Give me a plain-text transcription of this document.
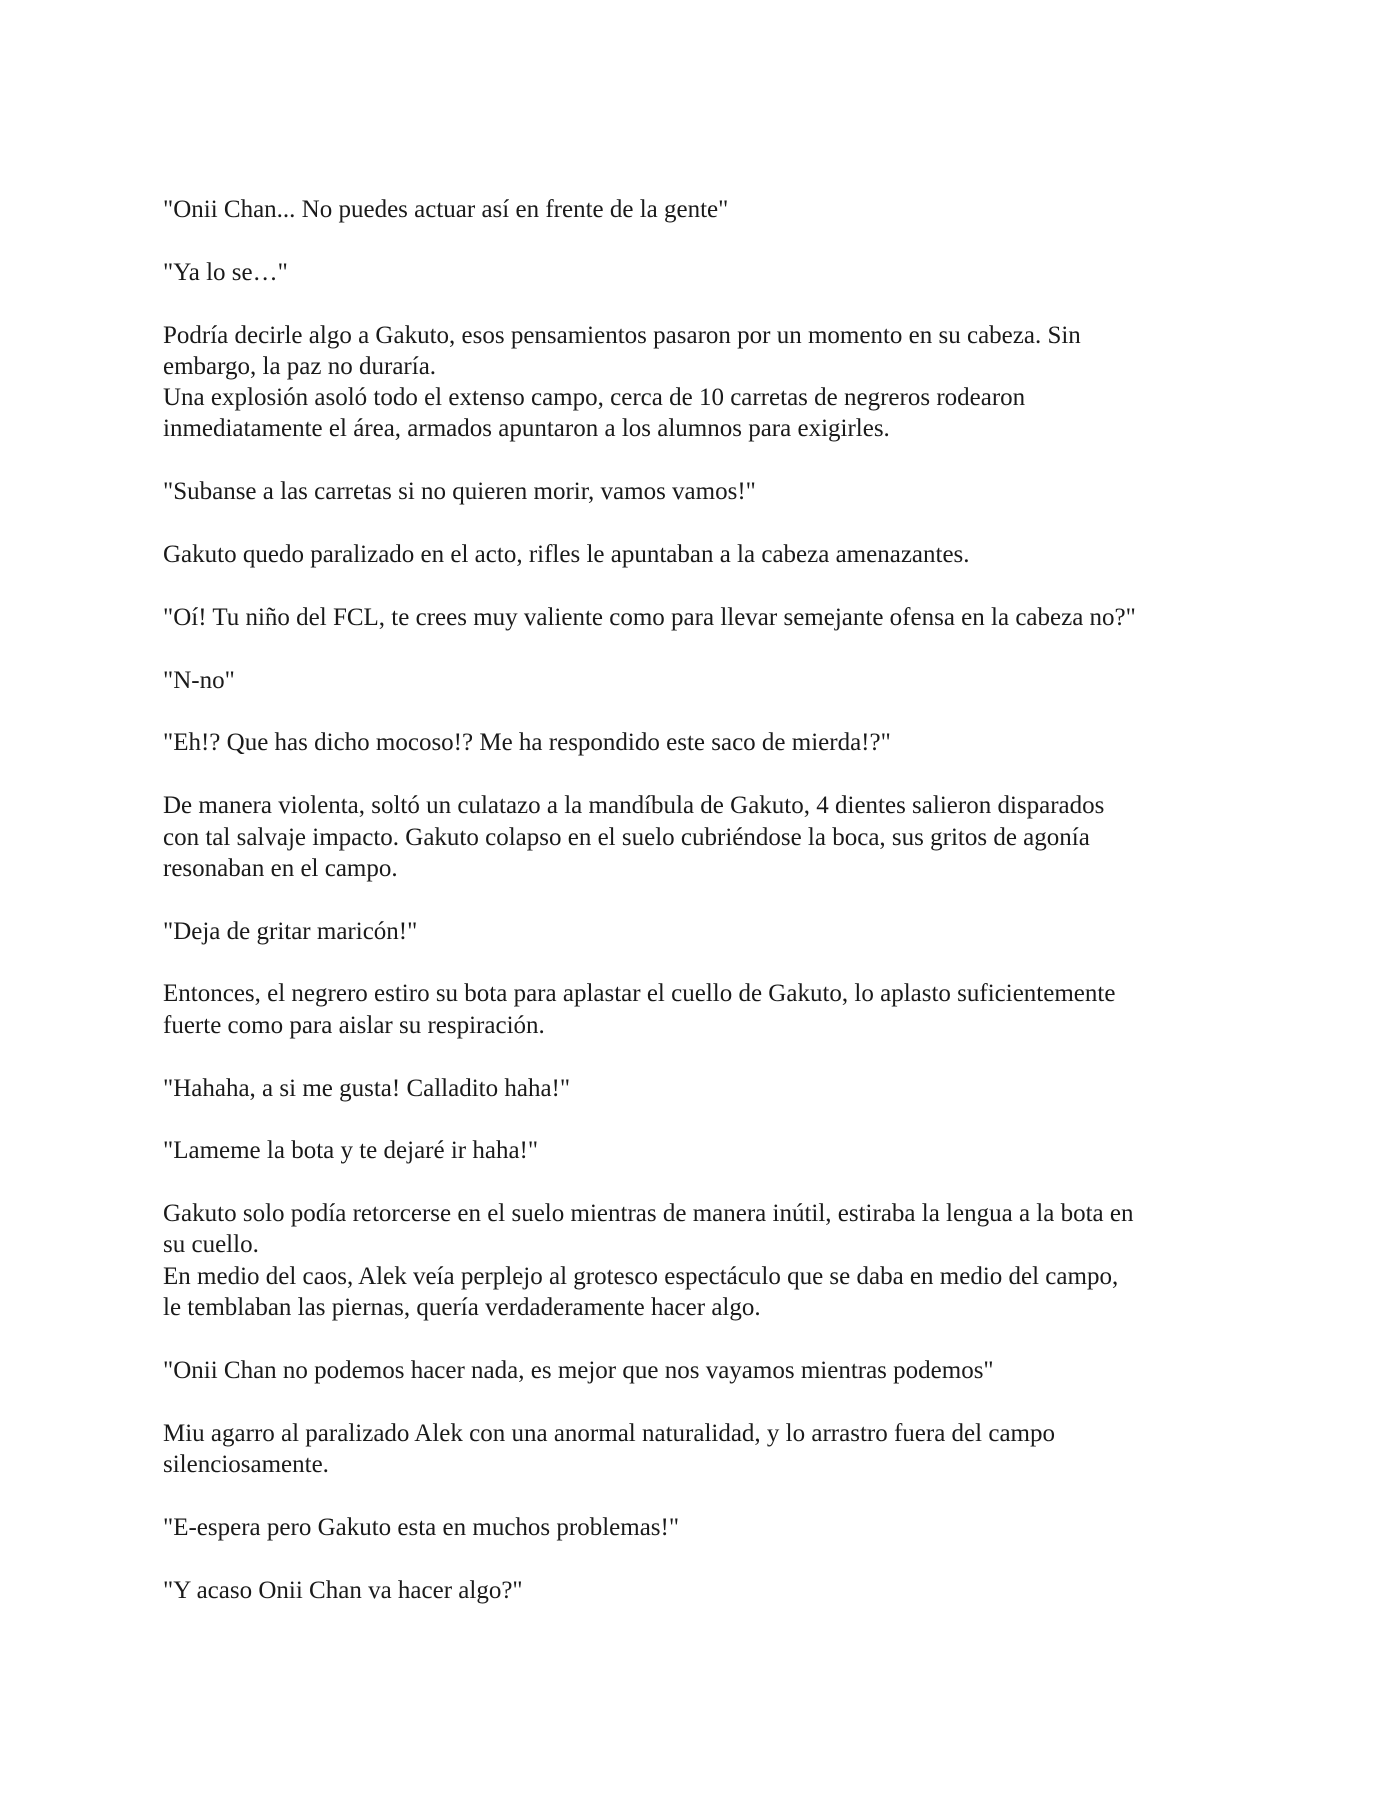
"Onii Chan... No puedes actuar así en frente de la gente"

"Ya lo se…"

Podría decirle algo a Gakuto, esos pensamientos pasaron por un momento en su cabeza. Sin
embargo, la paz no duraría.
Una explosión asoló todo el extenso campo, cerca de 10 carretas de negreros rodearon
inmediatamente el área, armados apuntaron a los alumnos para exigirles.

"Subanse a las carretas si no quieren morir, vamos vamos!"

Gakuto quedo paralizado en el acto, rifles le apuntaban a la cabeza amenazantes.

"Oí! Tu niño del FCL, te crees muy valiente como para llevar semejante ofensa en la cabeza no?"

"N-no"

"Eh!? Que has dicho mocoso!? Me ha respondido este saco de mierda!?"

De manera violenta, soltó un culatazo a la mandíbula de Gakuto, 4 dientes salieron disparados
con tal salvaje impacto. Gakuto colapso en el suelo cubriéndose la boca, sus gritos de agonía
resonaban en el campo.

"Deja de gritar maricón!"

Entonces, el negrero estiro su bota para aplastar el cuello de Gakuto, lo aplasto suficientemente
fuerte como para aislar su respiración.

"Hahaha, a si me gusta! Calladito haha!"

"Lameme la bota y te dejaré ir haha!"

Gakuto solo podía retorcerse en el suelo mientras de manera inútil, estiraba la lengua a la bota en
su cuello.
En medio del caos, Alek veía perplejo al grotesco espectáculo que se daba en medio del campo,
le temblaban las piernas, quería verdaderamente hacer algo.

"Onii Chan no podemos hacer nada, es mejor que nos vayamos mientras podemos"

Miu agarro al paralizado Alek con una anormal naturalidad, y lo arrastro fuera del campo
silenciosamente.

"E-espera pero Gakuto esta en muchos problemas!"

"Y acaso Onii Chan va hacer algo?"
